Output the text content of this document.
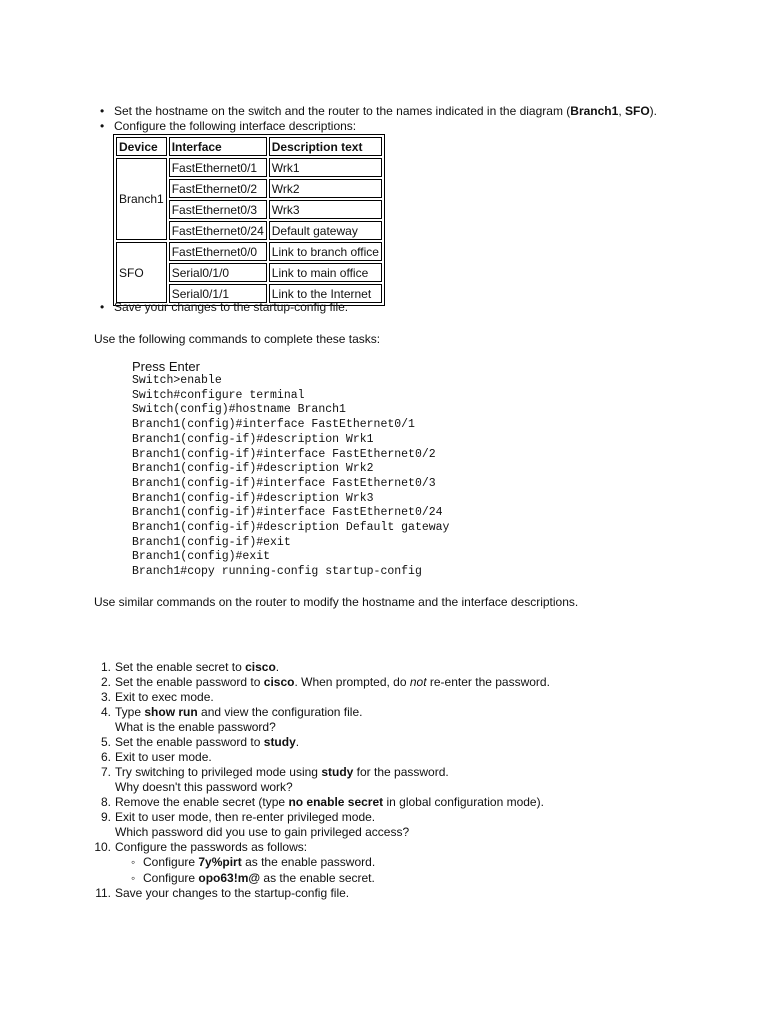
• Set the hostname on the switch and the router to the names indicated in the diagram (Branch1, SFO).
• Configure the following interface descriptions:
Device	Interface	Description text
Branch1	FastEthernet0/1	Wrk1
	FastEthernet0/2	Wrk2
	FastEthernet0/3	Wrk3
	FastEthernet0/24	Default gateway
SFO	FastEthernet0/0	Link to branch office
	Serial0/1/0	Link to main office
	Serial0/1/1	Link to the Internet
• Save your changes to the startup-config file.
Use the following commands to complete these tasks:
Press Enter
Switch>enable
Switch#configure terminal
Switch(config)#hostname Branch1
Branch1(config)#interface FastEthernet0/1
Branch1(config-if)#description Wrk1
Branch1(config-if)#interface FastEthernet0/2
Branch1(config-if)#description Wrk2
Branch1(config-if)#interface FastEthernet0/3
Branch1(config-if)#description Wrk3
Branch1(config-if)#interface FastEthernet0/24
Branch1(config-if)#description Default gateway
Branch1(config-if)#exit
Branch1(config)#exit
Branch1#copy running-config startup-config
Use similar commands on the router to modify the hostname and the interface descriptions.
1. Set the enable secret to cisco.
2. Set the enable password to cisco. When prompted, do not re-enter the password.
3. Exit to exec mode.
4. Type show run and view the configuration file.
What is the enable password?
5. Set the enable password to study.
6. Exit to user mode.
7. Try switching to privileged mode using study for the password.
Why doesn't this password work?
8. Remove the enable secret (type no enable secret in global configuration mode).
9. Exit to user mode, then re-enter privileged mode.
Which password did you use to gain privileged access?
10. Configure the passwords as follows:
◦ Configure 7y%pirt as the enable password.
◦ Configure opo63!m@ as the enable secret.
11. Save your changes to the startup-config file.
